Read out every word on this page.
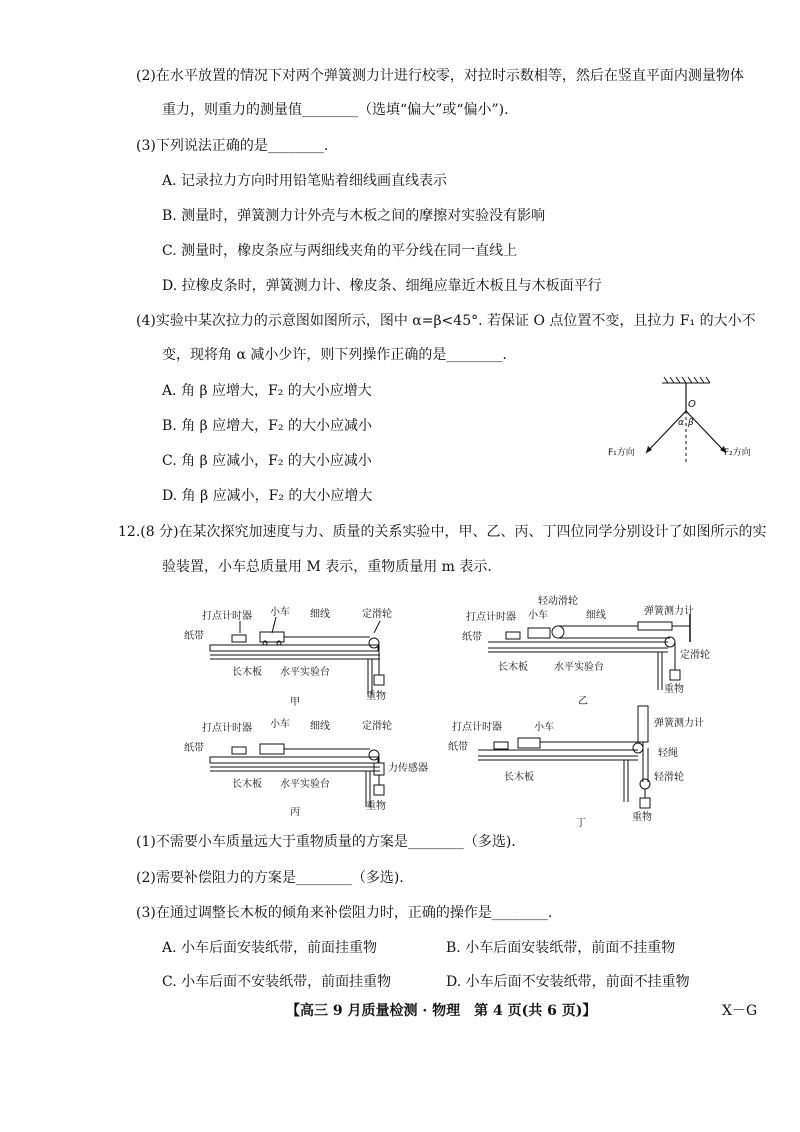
(2)在水平放置的情况下对两个弹簧测力计进行校零，对拉时示数相等，然后在竖直平面内测量物体
重力，则重力的测量值________（选填“偏大”或“偏小”).
(3)下列说法正确的是________.
A. 记录拉力方向时用铅笔贴着细线画直线表示
B. 测量时，弹簧测力计外壳与木板之间的摩擦对实验没有影响
C. 测量时，橡皮条应与两细线夹角的平分线在同一直线上
D. 拉橡皮条时，弹簧测力计、橡皮条、细绳应靠近木板且与木板面平行
(4)实验中某次拉力的示意图如图所示，图中 α=β<45°. 若保证 O 点位置不变，且拉力 F₁ 的大小不
变，现将角 α 减小少许，则下列操作正确的是________.
A. 角 β 应增大，F₂ 的大小应增大
B. 角 β 应增大，F₂ 的大小应减小
C. 角 β 应减小，F₂ 的大小应减小
D. 角 β 应减小，F₂ 的大小应增大
O
α β
F₁方向	F₂方向
12.(8 分)在某次探究加速度与力、质量的关系实验中，甲、乙、丙、丁四位同学分别设计了如图所示的实
验装置，小车总质量用 M 表示，重物质量用 m 表示.
打点计时器 小车 细线	定滑轮
纸带
长木板 水平实验台
重物
甲
轻动滑轮
打点计时器 小车	细线	弹簧测力计
纸带
定滑轮
长木板	水平实验台
重物
乙
打点计时器 小车 细线	定滑轮
纸带
力传感器
长木板 水平实验台
重物
丙
打点计时器	小车	弹簧测力计
纸带
轻绳
轻滑轮
长木板
重物
丁
(1)不需要小车质量远大于重物质量的方案是________（多选).
(2)需要补偿阻力的方案是________（多选).
(3)在通过调整长木板的倾角来补偿阻力时，正确的操作是________.
A. 小车后面安装纸带，前面挂重物	B. 小车后面安装纸带，前面不挂重物
C. 小车后面不安装纸带，前面挂重物	D. 小车后面不安装纸带，前面不挂重物
【高三 9 月质量检测 · 物理　第 4 页(共 6 页)】	X－G
